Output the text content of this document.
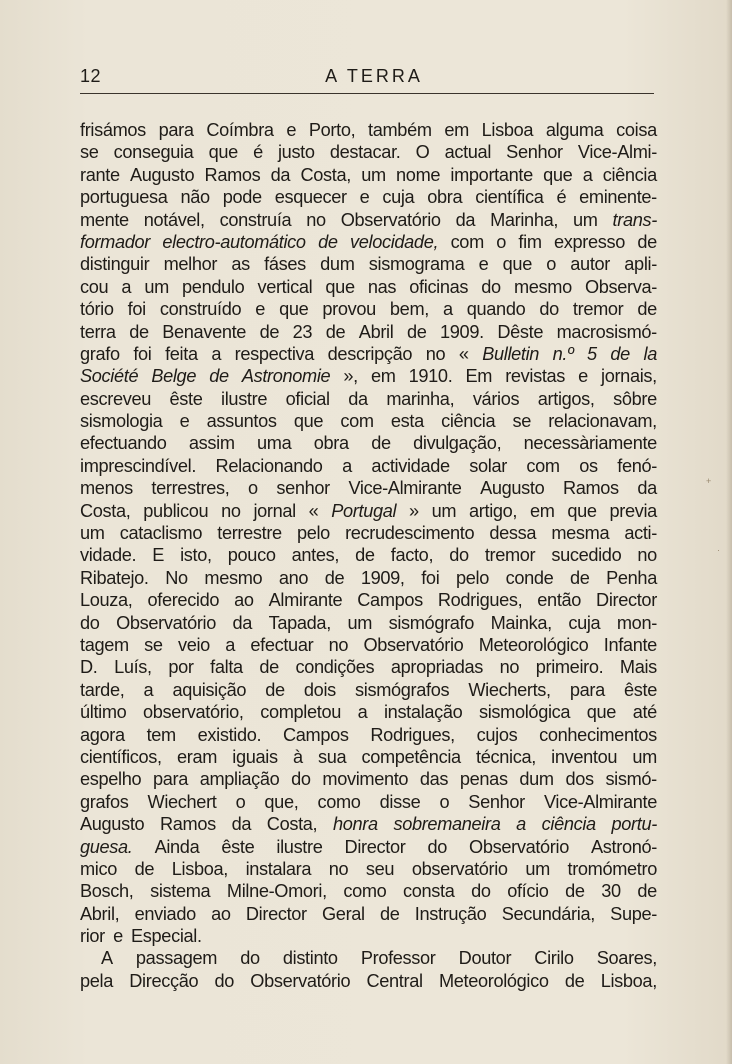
12	A TERRA
frisámos para Coímbra e Porto, também em Lisboa alguma coisa
se conseguia que é justo destacar. O actual Senhor Vice-Almi-
rante Augusto Ramos da Costa, um nome importante que a ciência
portuguesa não pode esquecer e cuja obra científica é eminente-
mente notável, construía no Observatório da Marinha, um trans-
formador electro-automático de velocidade, com o fim expresso de
distinguir melhor as fáses dum sismograma e que o autor apli-
cou a um pendulo vertical que nas oficinas do mesmo Observa-
tório foi construído e que provou bem, a quando do tremor de
terra de Benavente de 23 de Abril de 1909. Dêste macrosismó-
grafo foi feita a respectiva descripção no « Bulletin n.º 5 de la
Société Belge de Astronomie », em 1910. Em revistas e jornais,
escreveu êste ilustre oficial da marinha, vários artigos, sôbre
sismologia e assuntos que com esta ciência se relacionavam,
efectuando assim uma obra de divulgação, necessàriamente
imprescindível. Relacionando a actividade solar com os fenó-
menos terrestres, o senhor Vice-Almirante Augusto Ramos da
Costa, publicou no jornal « Portugal » um artigo, em que previa
um cataclismo terrestre pelo recrudescimento dessa mesma acti-
vidade. E isto, pouco antes, de facto, do tremor sucedido no
Ribatejo. No mesmo ano de 1909, foi pelo conde de Penha
Louza, oferecido ao Almirante Campos Rodrigues, então Director
do Observatório da Tapada, um sismógrafo Mainka, cuja mon-
tagem se veio a efectuar no Observatório Meteorológico Infante
D. Luís, por falta de condições apropriadas no primeiro. Mais
tarde, a aquisição de dois sismógrafos Wiecherts, para êste
último observatório, completou a instalação sismológica que até
agora tem existido. Campos Rodrigues, cujos conhecimentos
científicos, eram iguais à sua competência técnica, inventou um
espelho para ampliação do movimento das penas dum dos sismó-
grafos Wiechert o que, como disse o Senhor Vice-Almirante
Augusto Ramos da Costa, honra sobremaneira a ciência portu-
guesa. Ainda êste ilustre Director do Observatório Astronó-
mico de Lisboa, instalara no seu observatório um tromómetro
Bosch, sistema Milne-Omori, como consta do ofício de 30 de
Abril, enviado ao Director Geral de Instrução Secundária, Supe-
rior e Especial.
A passagem do distinto Professor Doutor Cirilo Soares,
pela Direcção do Observatório Central Meteorológico de Lisboa,
+
·
